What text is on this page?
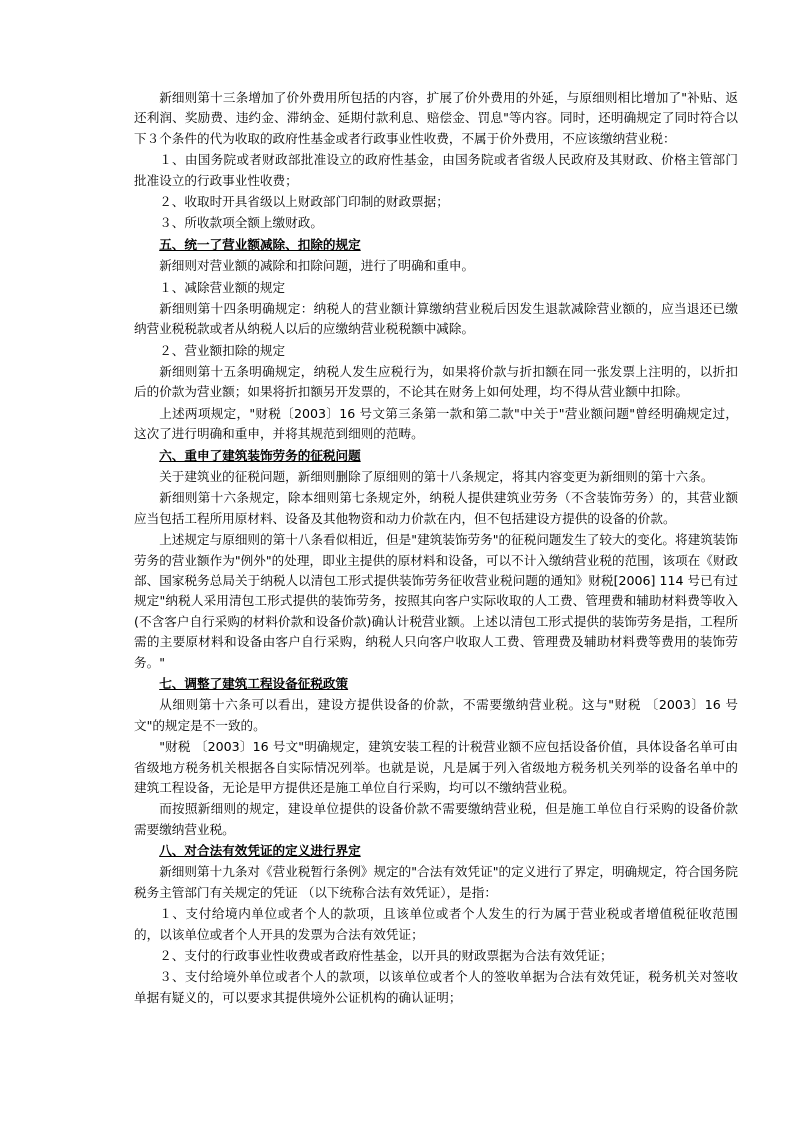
新细则第十三条增加了价外费用所包括的内容，扩展了价外费用的外延，与原细则相比增加了"补贴、返还利润、奖励费、违约金、滞纳金、延期付款利息、赔偿金、罚息"等内容。同时，还明确规定了同时符合以下３个条件的代为收取的政府性基金或者行政事业性收费，不属于价外费用，不应该缴纳营业税：

１、由国务院或者财政部批准设立的政府性基金，由国务院或者省级人民政府及其财政、价格主管部门批准设立的行政事业性收费；

２、收取时开具省级以上财政部门印制的财政票据；

３、所收款项全额上缴财政。

五、统一了营业额减除、扣除的规定

新细则对营业额的减除和扣除问题，进行了明确和重申。

１、减除营业额的规定

新细则第十四条明确规定：纳税人的营业额计算缴纳营业税后因发生退款减除营业额的，应当退还已缴纳营业税税款或者从纳税人以后的应缴纳营业税税额中减除。

２、营业额扣除的规定

新细则第十五条明确规定，纳税人发生应税行为，如果将价款与折扣额在同一张发票上注明的，以折扣后的价款为营业额；如果将折扣额另开发票的，不论其在财务上如何处理，均不得从营业额中扣除。

上述两项规定，"财税〔2003〕16 号文第三条第一款和第二款"中关于"营业额问题"曾经明确规定过，这次了进行明确和重申，并将其规范到细则的范畴。

六、重申了建筑装饰劳务的征税问题

关于建筑业的征税问题，新细则删除了原细则的第十八条规定，将其内容变更为新细则的第十六条。

新细则第十六条规定，除本细则第七条规定外，纳税人提供建筑业劳务（不含装饰劳务）的，其营业额应当包括工程所用原材料、设备及其他物资和动力价款在内，但不包括建设方提供的设备的价款。

上述规定与原细则的第十八条看似相近，但是"建筑装饰劳务"的征税问题发生了较大的变化。将建筑装饰劳务的营业额作为"例外"的处理，即业主提供的原材料和设备，可以不计入缴纳营业税的范围，该项在《财政部、国家税务总局关于纳税人以清包工形式提供装饰劳务征收营业税问题的通知》财税[2006] 114 号已有过规定"纳税人采用清包工形式提供的装饰劳务，按照其向客户实际收取的人工费、管理费和辅助材料费等收入(不含客户自行采购的材料价款和设备价款)确认计税营业额。上述以清包工形式提供的装饰劳务是指，工程所需的主要原材料和设备由客户自行采购，纳税人只向客户收取人工费、管理费及辅助材料费等费用的装饰劳务。"

七、调整了建筑工程设备征税政策

从细则第十六条可以看出，建设方提供设备的价款，不需要缴纳营业税。这与"财税 〔2003〕16 号文"的规定是不一致的。

"财税 〔2003〕16 号文"明确规定，建筑安装工程的计税营业额不应包括设备价值，具体设备名单可由省级地方税务机关根据各自实际情况列举。也就是说，凡是属于列入省级地方税务机关列举的设备名单中的建筑工程设备，无论是甲方提供还是施工单位自行采购，均可以不缴纳营业税。

而按照新细则的规定，建设单位提供的设备价款不需要缴纳营业税，但是施工单位自行采购的设备价款需要缴纳营业税。

八、对合法有效凭证的定义进行界定

新细则第十九条对《营业税暂行条例》规定的"合法有效凭证"的定义进行了界定，明确规定，符合国务院税务主管部门有关规定的凭证 （以下统称合法有效凭证），是指：

１、支付给境内单位或者个人的款项，且该单位或者个人发生的行为属于营业税或者增值税征收范围的，以该单位或者个人开具的发票为合法有效凭证；

２、支付的行政事业性收费或者政府性基金，以开具的财政票据为合法有效凭证；

３、支付给境外单位或者个人的款项，以该单位或者个人的签收单据为合法有效凭证，税务机关对签收单据有疑义的，可以要求其提供境外公证机构的确认证明；
